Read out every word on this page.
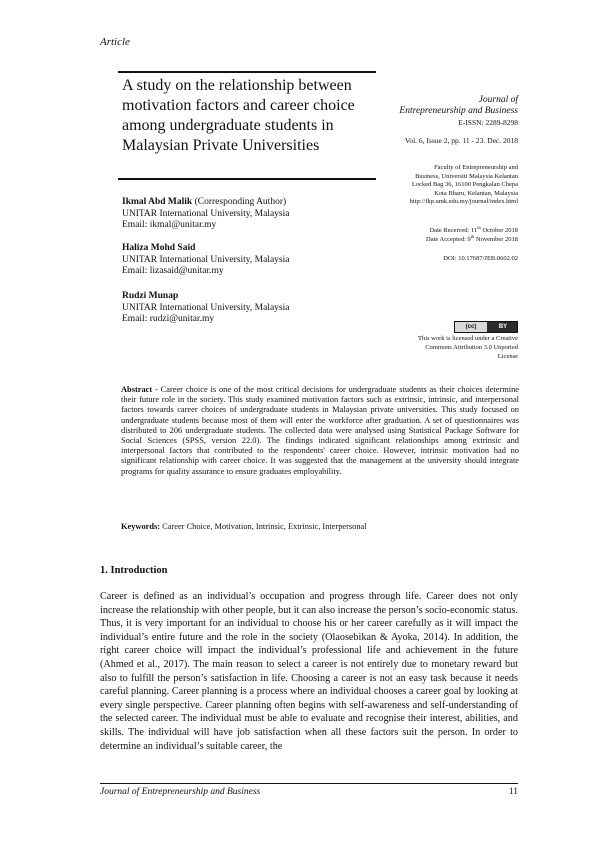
Article
A study on the relationship between motivation factors and career choice among undergraduate students in Malaysian Private Universities
Journal of
Entrepreneurship and Business
E-ISSN: 2289-8298
Vol. 6, Issue 2, pp. 11 - 23. Dec. 2018
Faculty of Entrepreneurship and
Business, Universiti Malaysia Kelantan
Locked Bag 36, 16100 Pengkalan Chepa
Kota Bharu, Kelantan, Malaysia
http://fkp.umk.edu.my/journal/index.html
Date Received: 11th October 2018
Date Accepted: 9th November 2018
DOI: 10.17687/JEB.0602.02
(cc)	BY
This work is licensed under a Creative
Commons Attribution 3.0 Unported
License
Ikmal Abd Malik (Corresponding Author)
UNITAR International University, Malaysia
Email: ikmal@unitar.my
Haliza Mohd Said
UNITAR International University, Malaysia
Email: lizasaid@unitar.my
Rudzi Munap
UNITAR International University, Malaysia
Email: rudzi@unitar.my
Abstract - Career choice is one of the most critical decisions for undergraduate students as their choices determine their future role in the society. This study examined motivation factors such as extrinsic, intrinsic, and interpersonal factors towards career choices of undergraduate students in Malaysian private universities. This study focused on undergraduate students because most of them will enter the workforce after graduation. A set of questionnaires was distributed to 206 undergraduate students. The collected data were analysed using Statistical Package Software for Social Sciences (SPSS, version 22.0). The findings indicated significant relationships among extrinsic and interpersonal factors that contributed to the respondents' career choice. However, intrinsic motivation had no significant relationship with career choice. It was suggested that the management at the university should integrate programs for quality assurance to ensure graduates employability.
Keywords: Career Choice, Motivation, Intrinsic, Extrinsic, Interpersonal
1. Introduction
Career is defined as an individual’s occupation and progress through life. Career does not only increase the relationship with other people, but it can also increase the person’s socio-economic status. Thus, it is very important for an individual to choose his or her career carefully as it will impact the individual’s entire future and the role in the society (Olaosebikan & Ayoka, 2014). In addition, the right career choice will impact the individual’s professional life and achievement in the future (Ahmed et al., 2017). The main reason to select a career is not entirely due to monetary reward but also to fulfill the person’s satisfaction in life. Choosing a career is not an easy task because it needs careful planning. Career planning is a process where an individual chooses a career goal by looking at every single perspective. Career planning often begins with self-awareness and self-understanding of the selected career. The individual must be able to evaluate and recognise their interest, abilities, and skills. The individual will have job satisfaction when all these factors suit the person. In order to determine an individual’s suitable career, the
Journal of Entrepreneurship and Business	11
